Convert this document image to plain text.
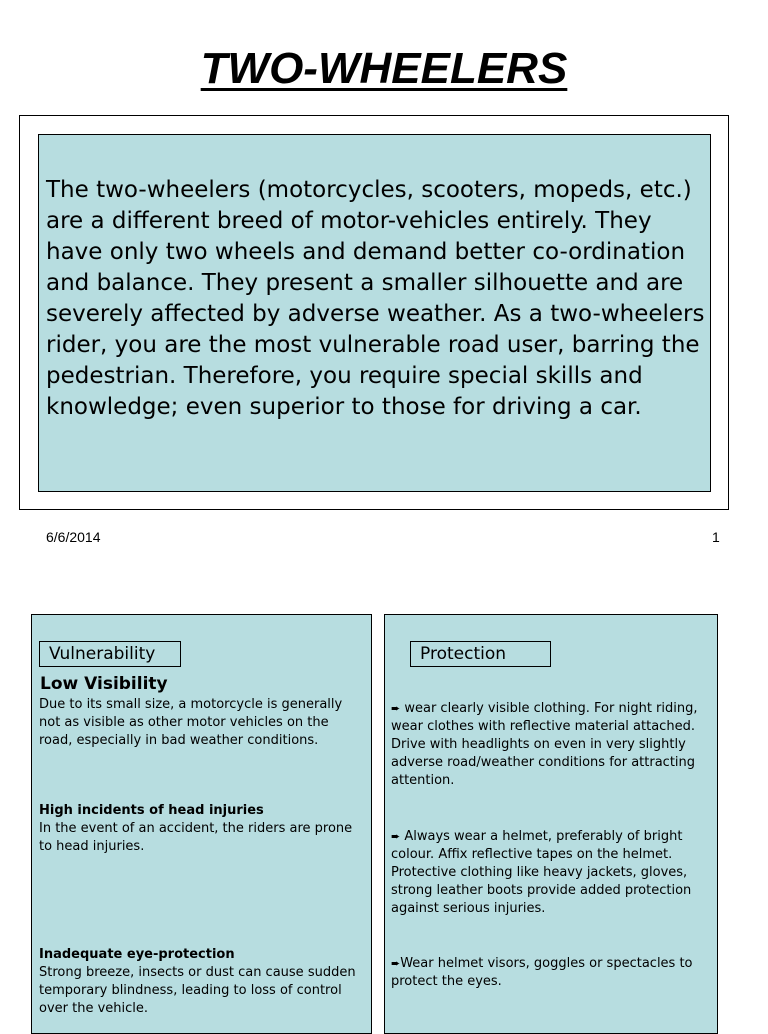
TWO-WHEELERS

The two-wheelers (motorcycles, scooters, mopeds, etc.) are a different breed of motor-vehicles entirely. They have only two wheels and demand better co-ordination and balance. They present a smaller silhouette and are severely affected by adverse weather. As a two-wheelers rider, you are the most vulnerable road user, barring the pedestrian. Therefore, you require special skills and knowledge; even superior to those for driving a car.

6/6/2014	1
Vulnerability
Low Visibility

Due to its small size, a motorcycle is generally not as visible as other motor vehicles on the road, especially in bad weather conditions.

High incidents of head injuries
In the event of an accident, the riders are prone to head injuries.
Inadequate eye-protection
Strong breeze, insects or dust can cause sudden temporary blindness, leading to loss of control over the vehicle.
Protection

➨ wear clearly visible clothing. For night riding, wear clothes with reflective material attached. Drive with headlights on even in very slightly adverse road/weather conditions for attracting attention.

➨ Always wear a helmet, preferably of bright colour. Affix reflective tapes on the helmet. Protective clothing like heavy jackets, gloves, strong leather boots provide added protection against serious injuries.

➨Wear helmet visors, goggles or spectacles to protect the eyes.
